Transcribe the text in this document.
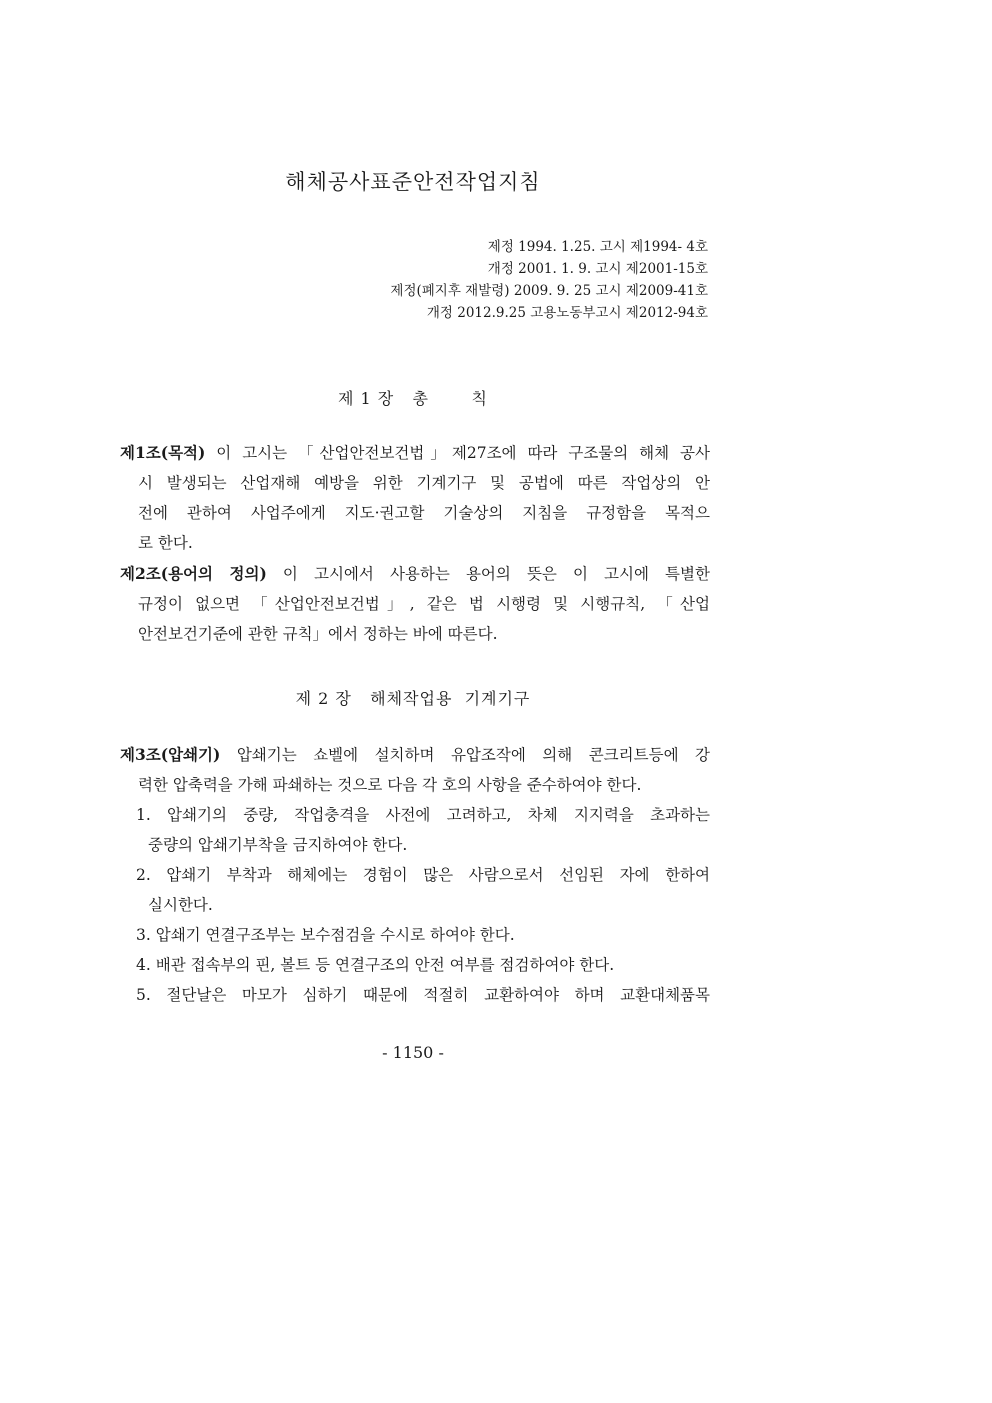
해체공사표준안전작업지침
제정 1994. 1.25. 고시 제1994- 4호
개정 2001. 1. 9. 고시 제2001-15호
제정(폐지후 재발령) 2009. 9. 25 고시 제2009-41호
개정 2012.9.25 고용노동부고시 제2012-94호
제 1 장   총       칙
제1조(목적) 이 고시는 「산업안전보건법」제27조에 따라 구조물의 해체 공사
시 발생되는 산업재해 예방을 위한 기계기구 및 공법에 따른 작업상의 안
전에 관하여 사업주에게 지도·권고할 기술상의 지침을 규정함을 목적으
로 한다.
제2조(용어의 정의) 이 고시에서 사용하는 용어의 뜻은 이 고시에 특별한
규정이 없으면 「산업안전보건법」, 같은 법 시행령 및 시행규칙, 「산업
안전보건기준에 관한 규칙」에서 정하는 바에 따른다.
제 2 장   해체작업용  기계기구
제3조(압쇄기) 압쇄기는 쇼벨에 설치하며 유압조작에 의해 콘크리트등에 강
력한 압축력을 가해 파쇄하는 것으로 다음 각 호의 사항을 준수하여야 한다.
1. 압쇄기의 중량, 작업충격을 사전에 고려하고, 차체 지지력을 초과하는
중량의 압쇄기부착을 금지하여야 한다.
2. 압쇄기 부착과 해체에는 경험이 많은 사람으로서 선임된 자에 한하여
실시한다.
3. 압쇄기 연결구조부는 보수점검을 수시로 하여야 한다.
4. 배관 접속부의 핀, 볼트 등 연결구조의 안전 여부를 점검하여야 한다.
5. 절단날은 마모가 심하기 때문에 적절히 교환하여야 하며 교환대체품목
- 1150 -
